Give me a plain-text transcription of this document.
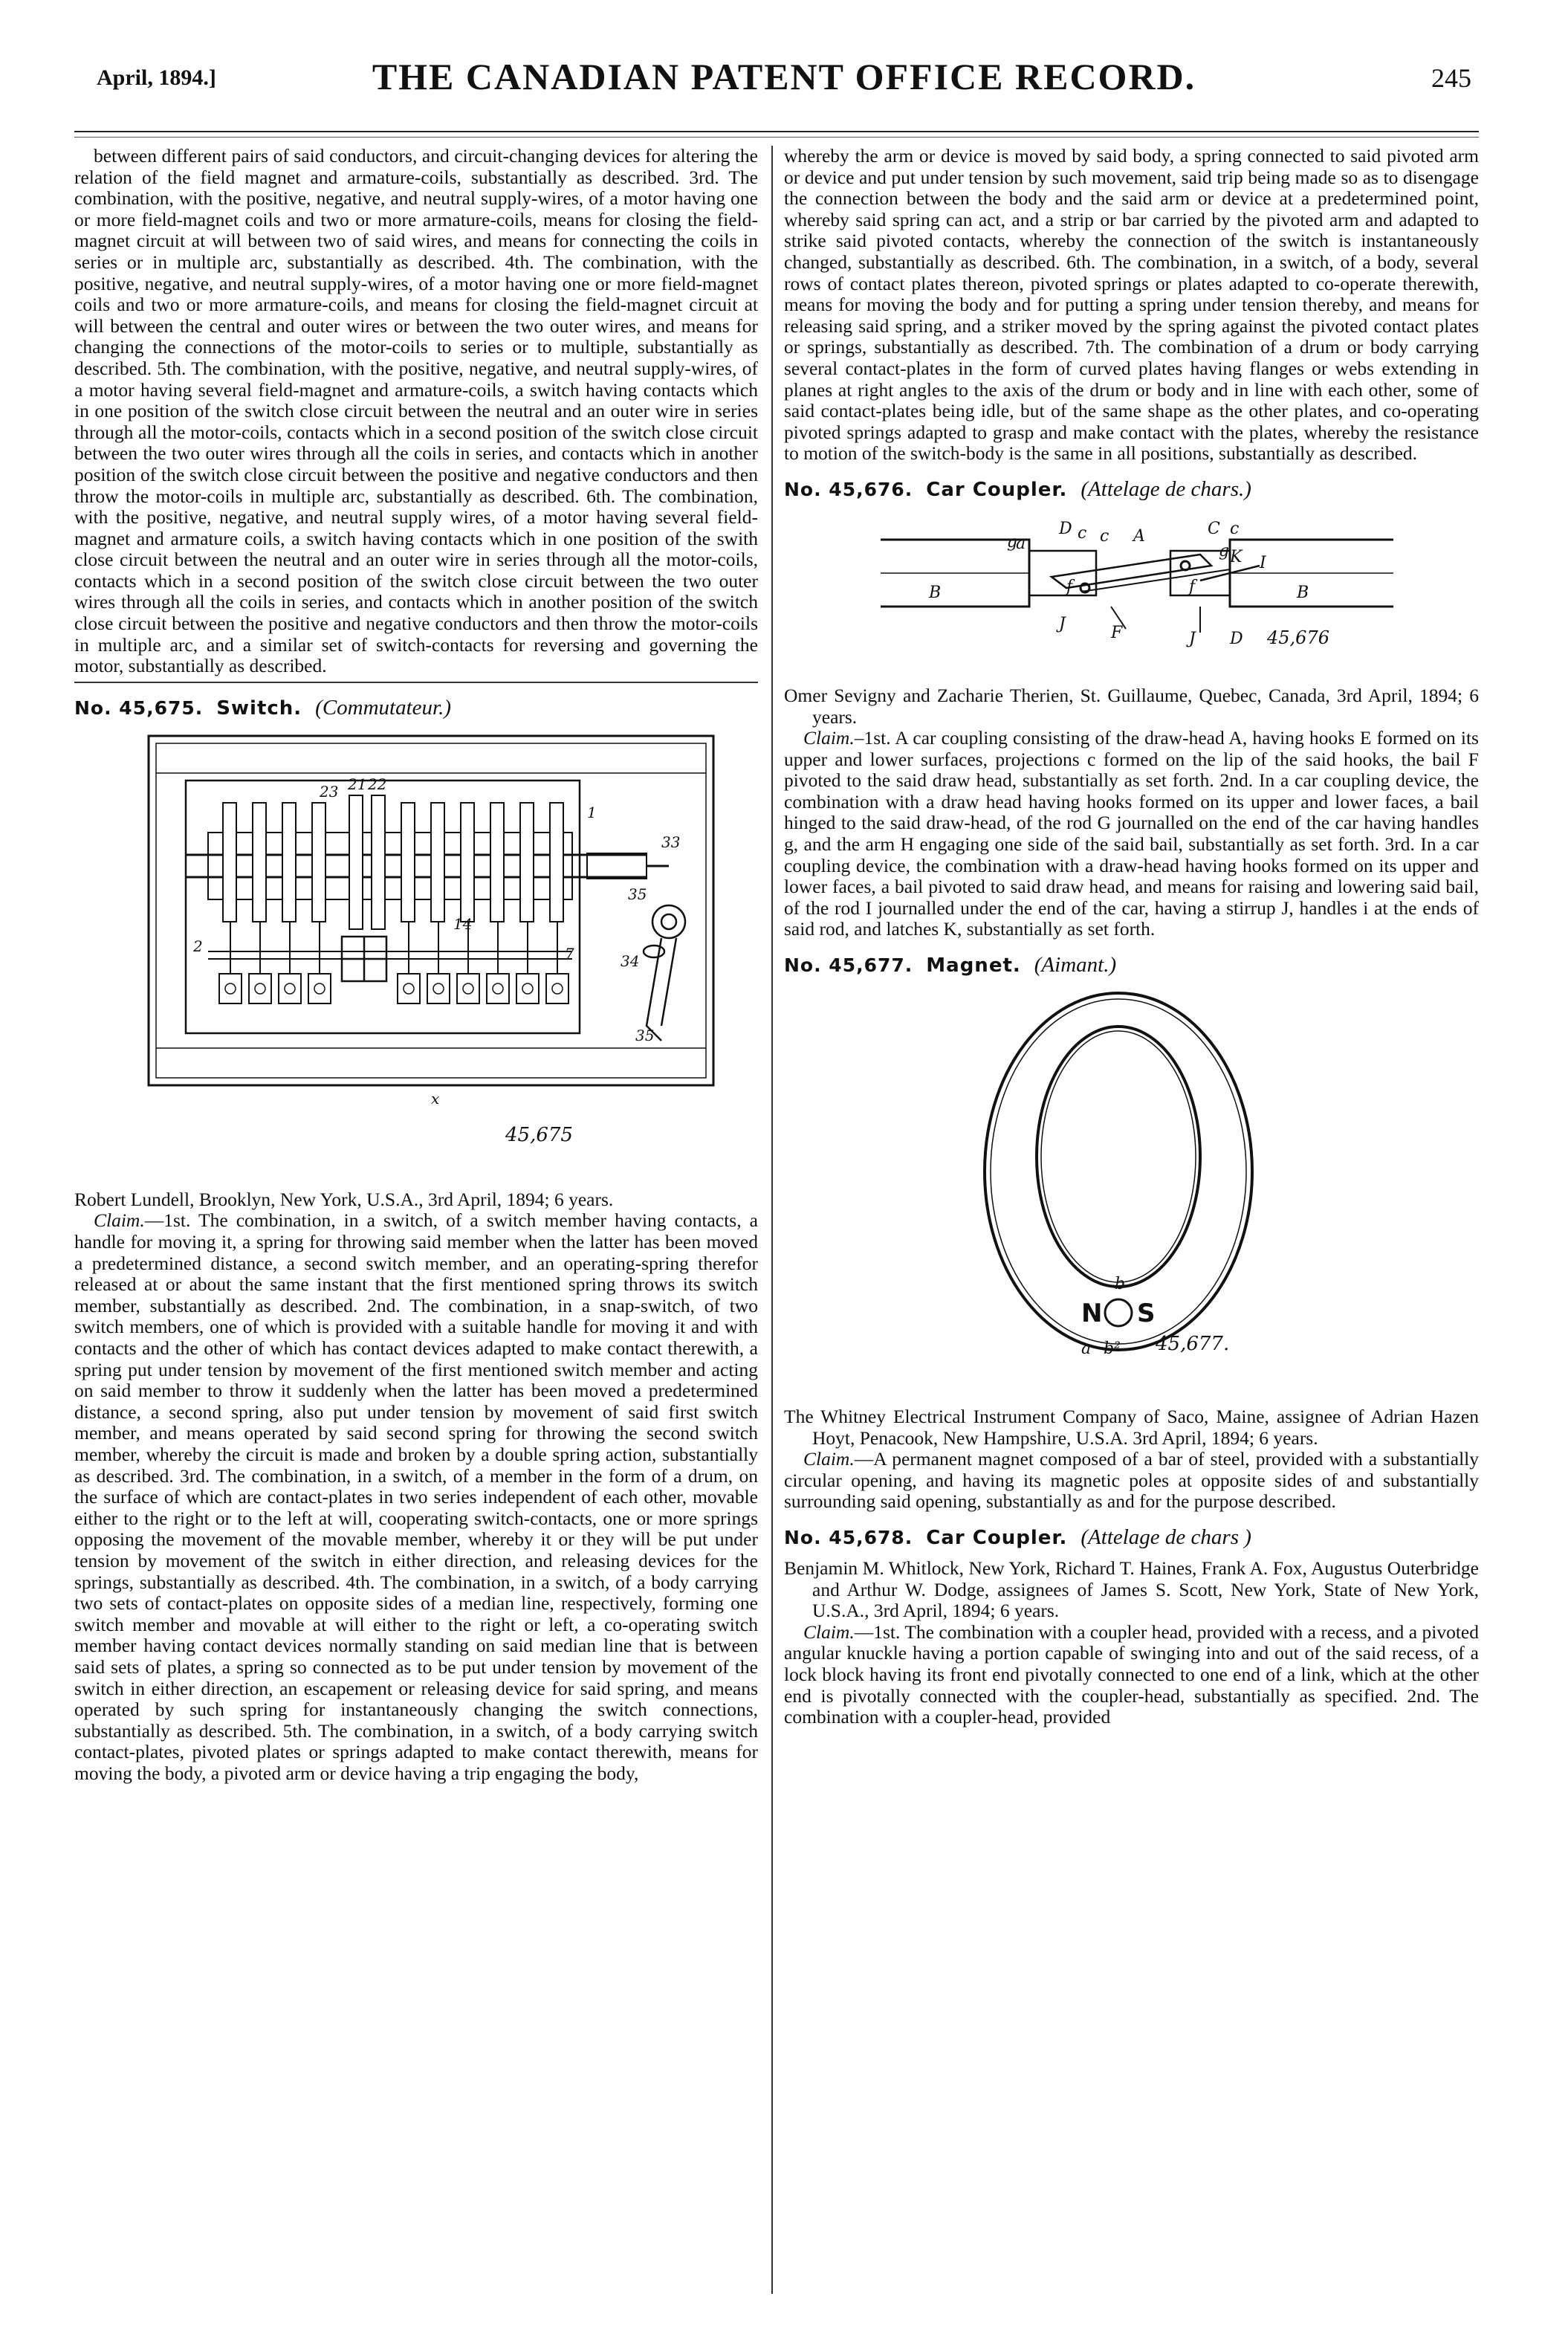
April, 1894.]	THE CANADIAN PATENT OFFICE RECORD.	245

between different pairs of said conductors, and circuit-changing devices for altering the relation of the field magnet and armature-coils, substantially as described. 3rd. The combination, with the positive, negative, and neutral supply-wires, of a motor having one or more field-magnet coils and two or more armature-coils, means for closing the field-magnet circuit at will between two of said wires, and means for connecting the coils in series or in multiple arc, substantially as described. 4th. The combination, with the positive, negative, and neutral supply-wires, of a motor having one or more field-magnet coils and two or more armature-coils, and means for closing the field-magnet circuit at will between the central and outer wires or between the two outer wires, and means for changing the connections of the motor-coils to series or to multiple, substantially as described. 5th. The combination, with the positive, negative, and neutral supply-wires, of a motor having several field-magnet and armature-coils, a switch having contacts which in one position of the switch close circuit between the neutral and an outer wire in series through all the motor-coils, contacts which in a second position of the switch close circuit between the two outer wires through all the coils in series, and contacts which in another position of the switch close circuit between the positive and negative conductors and then throw the motor-coils in multiple arc, substantially as described. 6th. The combination, with the positive, negative, and neutral supply wires, of a motor having several field-magnet and armature coils, a switch having contacts which in one position of the swith close circuit between the neutral and an outer wire in series through all the motor-coils, contacts which in a second position of the switch close circuit between the two outer wires through all the coils in series, and contacts which in another position of the switch close circuit between the positive and negative conductors and then throw the motor-coils in multiple arc, and a similar set of switch-contacts for reversing and governing the motor, substantially as described.

No. 45,675. Switch. (Commutateur.)

23 21 22
1
33
35
34
35
2	7
14
x
45,675

Robert Lundell, Brooklyn, New York, U.S.A., 3rd April, 1894; 6 years.

Claim.—1st. The combination, in a switch, of a switch member having contacts, a handle for moving it, a spring for throwing said member when the latter has been moved a predetermined distance, a second switch member, and an operating-spring therefor released at or about the same instant that the first mentioned spring throws its switch member, substantially as described. 2nd. The combination, in a snap-switch, of two switch members, one of which is provided with a suitable handle for moving it and with contacts and the other of which has contact devices adapted to make contact therewith, a spring put under tension by movement of the first mentioned switch member and acting on said member to throw it suddenly when the latter has been moved a predetermined distance, a second spring, also put under tension by movement of said first switch member, and means operated by said second spring for throwing the second switch member, whereby the circuit is made and broken by a double spring action, substantially as described. 3rd. The combination, in a switch, of a member in the form of a drum, on the surface of which are contact-plates in two series independent of each other, movable either to the right or to the left at will, cooperating switch-contacts, one or more springs opposing the movement of the movable member, whereby it or they will be put under tension by movement of the switch in either direction, and releasing devices for the springs, substantially as described. 4th. The combination, in a switch, of a body carrying two sets of contact-plates on opposite sides of a median line, respectively, forming one switch member and movable at will either to the right or left, a co-operating switch member having contact devices normally standing on said median line that is between said sets of plates, a spring so connected as to be put under tension by movement of the switch in either direction, an escapement or releasing device for said spring, and means operated by such spring for instantaneously changing the switch connections, substantially as described. 5th. The combination, in a switch, of a body carrying switch contact-plates, pivoted plates or springs adapted to make contact therewith, means for moving the body, a pivoted arm or device having a trip engaging the body,

whereby the arm or device is moved by said body, a spring connected to said pivoted arm or device and put under tension by such movement, said trip being made so as to disengage the connection between the body and the said arm or device at a predetermined point, whereby said spring can act, and a strip or bar carried by the pivoted arm and adapted to strike said pivoted contacts, whereby the connection of the switch is instantaneously changed, substantially as described. 6th. The combination, in a switch, of a body, several rows of contact plates thereon, pivoted springs or plates adapted to co-operate therewith, means for moving the body and for putting a spring under tension thereby, and means for releasing said spring, and a striker moved by the spring against the pivoted contact plates or springs, substantially as described. 7th. The combination of a drum or body carrying several contact-plates in the form of curved plates having flanges or webs extending in planes at right angles to the axis of the drum or body and in line with each other, some of said contact-plates being idle, but of the same shape as the other plates, and co-operating pivoted springs adapted to grasp and make contact with the plates, whereby the resistance to motion of the switch-body is the same in all positions, substantially as described.

No. 45,676. Car Coupler. (Attelage de chars.)

g
a
D c c A	C c
g K I
B	B
J	F	J D
f	f
45,676

Omer Sevigny and Zacharie Therien, St. Guillaume, Quebec, Canada, 3rd April, 1894; 6 years.

Claim.–1st. A car coupling consisting of the draw-head A, having hooks E formed on its upper and lower surfaces, projections c formed on the lip of the said hooks, the bail F pivoted to the said draw head, substantially as set forth. 2nd. In a car coupling device, the combination with a draw head having hooks formed on its upper and lower faces, a bail hinged to the said draw-head, of the rod G journalled on the end of the car having handles g, and the arm H engaging one side of the said bail, substantially as set forth. 3rd. In a car coupling device, the combination with a draw-head having hooks formed on its upper and lower faces, a bail pivoted to said draw head, and means for raising and lowering said bail, of the rod I journalled under the end of the car, having a stirrup J, handles i at the ends of said rod, and latches K, substantially as set forth.

No. 45,677. Magnet. (Aimant.)

N S
a
b
b² 45,677.

The Whitney Electrical Instrument Company of Saco, Maine, assignee of Adrian Hazen Hoyt, Penacook, New Hampshire, U.S.A. 3rd April, 1894; 6 years.

Claim.—A permanent magnet composed of a bar of steel, provided with a substantially circular opening, and having its magnetic poles at opposite sides of and substantially surrounding said opening, substantially as and for the purpose described.

No. 45,678. Car Coupler. (Attelage de chars )

Benjamin M. Whitlock, New York, Richard T. Haines, Frank A. Fox, Augustus Outerbridge and Arthur W. Dodge, assignees of James S. Scott, New York, State of New York, U.S.A., 3rd April, 1894; 6 years.

Claim.—1st. The combination with a coupler head, provided with a recess, and a pivoted angular knuckle having a portion capable of swinging into and out of the said recess, of a lock block having its front end pivotally connected to one end of a link, which at the other end is pivotally connected with the coupler-head, substantially as specified. 2nd. The combination with a coupler-head, provided
